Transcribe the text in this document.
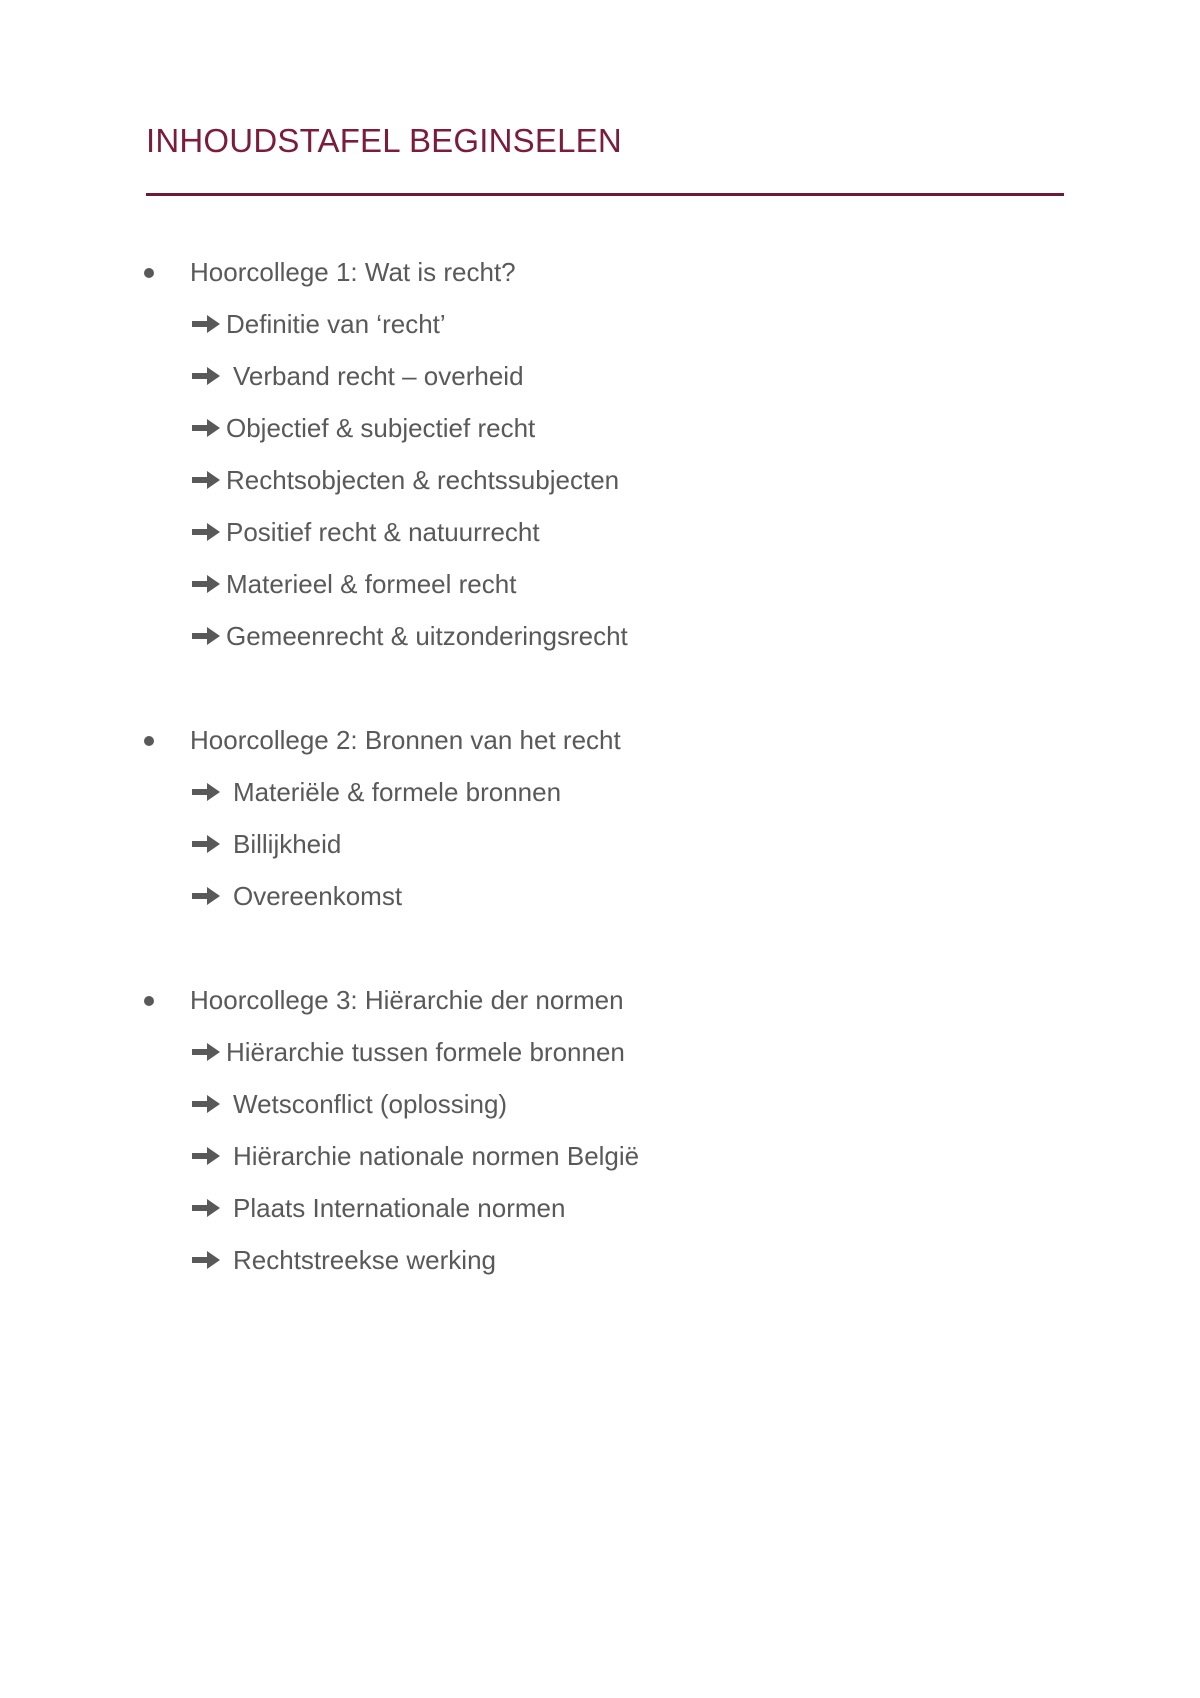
INHOUDSTAFEL BEGINSELEN
Hoorcollege 1: Wat is recht?
Definitie van ‘recht’
Verband recht – overheid
Objectief & subjectief recht
Rechtsobjecten & rechtssubjecten
Positief recht & natuurrecht
Materieel & formeel recht
Gemeenrecht & uitzonderingsrecht
Hoorcollege 2: Bronnen van het recht
Materiële & formele bronnen
Billijkheid
Overeenkomst
Hoorcollege 3: Hiërarchie der normen
Hiërarchie tussen formele bronnen
Wetsconflict (oplossing)
Hiërarchie nationale normen België
Plaats Internationale normen
Rechtstreekse werking
